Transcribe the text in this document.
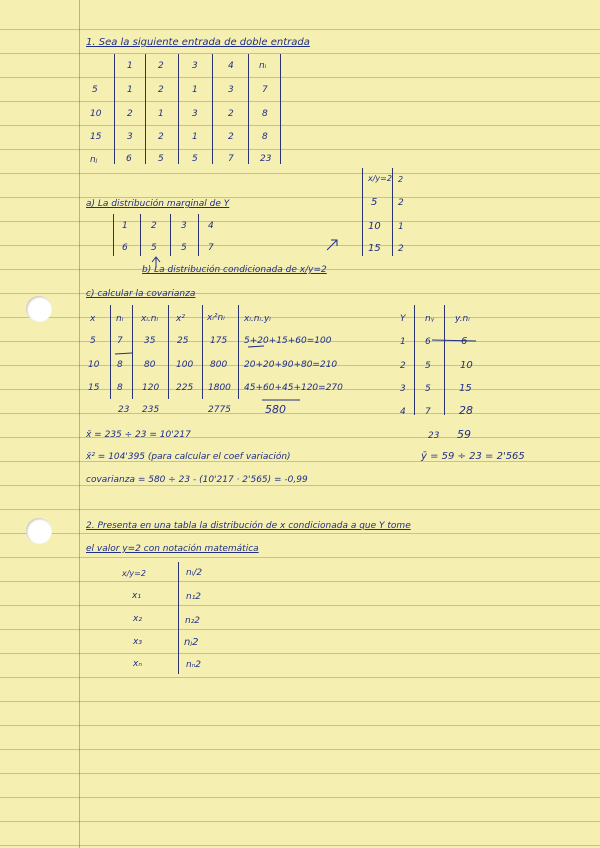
1. Sea la siguiente entrada de doble entrada
1	2	3	4	nᵢ
5	1	2	1	3	7
10	2	1	3	2	8
15	3	2	1	2	8
nⱼ	6	5	5	7	23
x/y=2 2
5 2
10 1
15 2
a) La distribución marginal de Y
1	2	3 4
6	5	5 7
b) La distribución condicionada de x/y=2
c) calcular la covarianza
x nᵢ xᵢ.nᵢ x² xᵢ²nᵢ xᵢ.nᵢ.yᵢ
5 7 35 25 175 5+20+15+60=100
10 8 80 100 800 20+20+90+80=210
15 8 120 225 1800 45+60+45+120=270
23 235	2775	580
Y nᵧ y.nᵢ
1 6	6
2 5	10
3 5	15
4 7	28
23 59
x̄ = 235 ÷ 23 = 10'217
x̄² = 104'395 (para calcular el coef variación)	ȳ = 59 ÷ 23 = 2'565
covarianza = 580 ÷ 23 - (10'217 · 2'565) = -0,99
2. Presenta en una tabla la distribución de x condicionada a que Y tome
el valor y=2 con notación matemática
x/y=2	nᵢ/2
x₁	n₁2
x₂	n₂2
x₃	nⱼ2
xₙ	nₙ2
